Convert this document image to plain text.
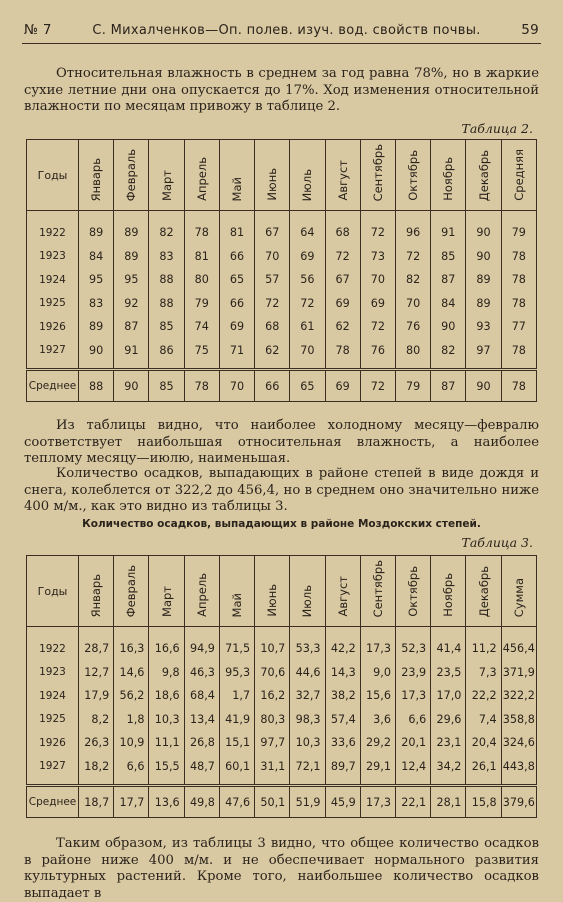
№ 7	С. Михалченков—Оп. полев. изуч. вод. свойств почвы.	59
Относительная влажность в среднем за год равна 78%, но в жаркие сухие летние дни она опускается до 17%. Ход изменения относительной влажности по месяцам привожу в таблице 2.
Таблица 2.
Годы	Январь	Февраль	Март	Апрель	Май	Июнь	Июль	Август	Сентябрь	Октябрь	Ноябрь	Декабрь	Средняя
1922	89	89	82	78	81	67	64	68	72	96	91	90	79
1923	84	89	83	81	66	70	69	72	73	72	85	90	78
1924	95	95	88	80	65	57	56	67	70	82	87	89	78
1925	83	92	88	79	66	72	72	69	69	70	84	89	78
1926	89	87	85	74	69	68	61	62	72	76	90	93	77
1927	90	91	86	75	71	62	70	78	76	80	82	97	78
Среднее	88	90	85	78	70	66	65	69	72	79	87	90	78
Из таблицы видно, что наиболее холодному месяцу—февралю соответствует наибольшая относительная влажность, а наиболее теплому месяцу—июлю, наименьшая.
Количество осадков, выпадающих в районе степей в виде дождя и снега, колеблется от 322,2 до 456,4, но в среднем оно значительно ниже 400 м/м., как это видно из таблицы 3.
Количество осадков, выпадающих в районе Моздокских степей.
Таблица 3.
Годы	Январь	Февраль	Март	Апрель	Май	Июнь	Июль	Август	Сентябрь	Октябрь	Ноябрь	Декабрь	Сумма
1922	28,7	16,3	16,6	94,9	71,5	10,7	53,3	42,2	17,3	52,3	41,4	11,2	456,4
1923	12,7	14,6	9,8	46,3	95,3	70,6	44,6	14,3	9,0	23,9	23,5	7,3	371,9
1924	17,9	56,2	18,6	68,4	1,7	16,2	32,7	38,2	15,6	17,3	17,0	22,2	322,2
1925	8,2	1,8	10,3	13,4	41,9	80,3	98,3	57,4	3,6	6,6	29,6	7,4	358,8
1926	26,3	10,9	11,1	26,8	15,1	97,7	10,3	33,6	29,2	20,1	23,1	20,4	324,6
1927	18,2	6,6	15,5	48,7	60,1	31,1	72,1	89,7	29,1	12,4	34,2	26,1	443,8
Среднее	18,7	17,7	13,6	49,8	47,6	50,1	51,9	45,9	17,3	22,1	28,1	15,8	379,6
Таким образом, из таблицы 3 видно, что общее количество осадков в районе ниже 400 м/м. и не обеспечивает нормального развития культурных растений. Кроме того, наибольшее количество осадков выпадает в
